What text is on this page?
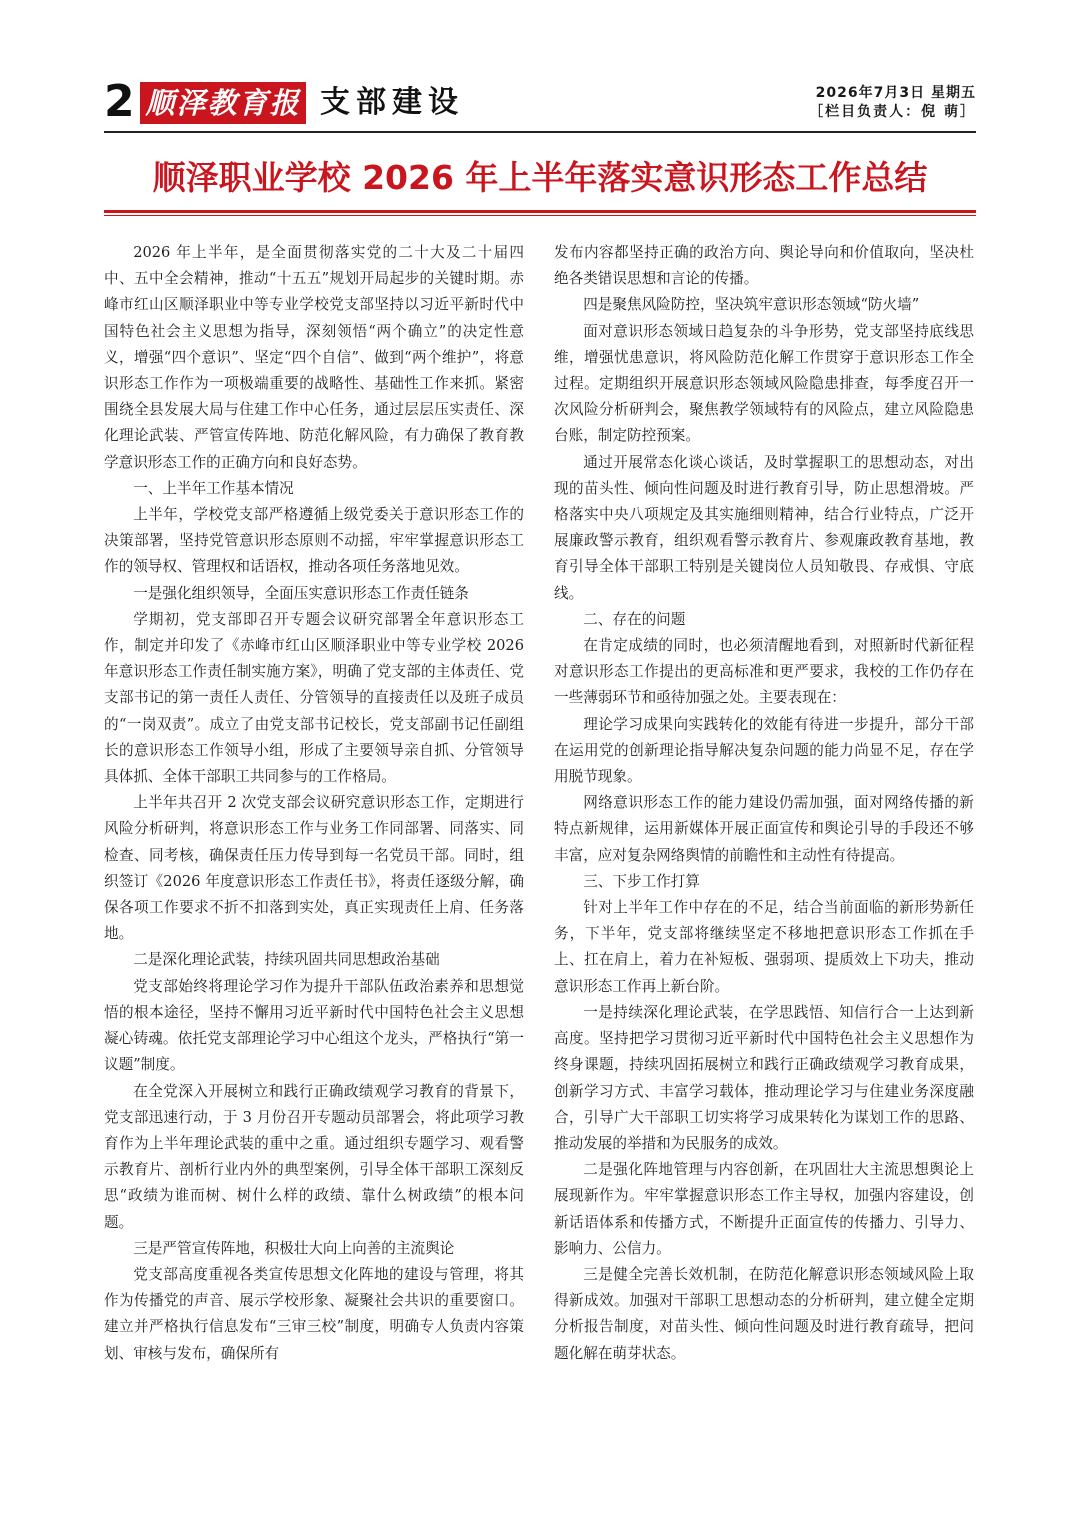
2 顺泽教育报 支部建设	2026年7月3日 星期五
［栏目负责人：倪 萌］
顺泽职业学校 2026 年上半年落实意识形态工作总结

2026 年上半年，是全面贯彻落实党的二十大及二十届四中、五中全会精神，推动“十五五”规划开局起步的关键时期。赤峰市红山区顺泽职业中等专业学校党支部坚持以习近平新时代中国特色社会主义思想为指导，深刻领悟“两个确立”的决定性意义，增强“四个意识”、坚定“四个自信”、做到“两个维护”，将意识形态工作作为一项极端重要的战略性、基础性工作来抓。紧密围绕全县发展大局与住建工作中心任务，通过层层压实责任、深化理论武装、严管宣传阵地、防范化解风险，有力确保了教育教学意识形态工作的正确方向和良好态势。

一、上半年工作基本情况

上半年，学校党支部严格遵循上级党委关于意识形态工作的决策部署，坚持党管意识形态原则不动摇，牢牢掌握意识形态工作的领导权、管理权和话语权，推动各项任务落地见效。

一是强化组织领导，全面压实意识形态工作责任链条

学期初，党支部即召开专题会议研究部署全年意识形态工作，制定并印发了《赤峰市红山区顺泽职业中等专业学校 2026 年意识形态工作责任制实施方案》，明确了党支部的主体责任、党支部书记的第一责任人责任、分管领导的直接责任以及班子成员的“一岗双责”。成立了由党支部书记校长，党支部副书记任副组长的意识形态工作领导小组，形成了主要领导亲自抓、分管领导具体抓、全体干部职工共同参与的工作格局。

上半年共召开 2 次党支部会议研究意识形态工作，定期进行风险分析研判，将意识形态工作与业务工作同部署、同落实、同检查、同考核，确保责任压力传导到每一名党员干部。同时，组织签订《2026 年度意识形态工作责任书》，将责任逐级分解，确保各项工作要求不折不扣落到实处，真正实现责任上肩、任务落地。

二是深化理论武装，持续巩固共同思想政治基础

党支部始终将理论学习作为提升干部队伍政治素养和思想觉悟的根本途径，坚持不懈用习近平新时代中国特色社会主义思想凝心铸魂。依托党支部理论学习中心组这个龙头，严格执行“第一议题”制度。

在全党深入开展树立和践行正确政绩观学习教育的背景下，党支部迅速行动，于 3 月份召开专题动员部署会，将此项学习教育作为上半年理论武装的重中之重。通过组织专题学习、观看警示教育片、剖析行业内外的典型案例，引导全体干部职工深刻反思“政绩为谁而树、树什么样的政绩、靠什么树政绩”的根本问题。

三是严管宣传阵地，积极壮大向上向善的主流舆论

党支部高度重视各类宣传思想文化阵地的建设与管理，将其作为传播党的声音、展示学校形象、凝聚社会共识的重要窗口。建立并严格执行信息发布“三审三校”制度，明确专人负责内容策划、审核与发布，确保所有

发布内容都坚持正确的政治方向、舆论导向和价值取向，坚决杜绝各类错误思想和言论的传播。

四是聚焦风险防控，坚决筑牢意识形态领域“防火墙”

面对意识形态领域日趋复杂的斗争形势，党支部坚持底线思维，增强忧患意识，将风险防范化解工作贯穿于意识形态工作全过程。定期组织开展意识形态领域风险隐患排查，每季度召开一次风险分析研判会，聚焦教学领域特有的风险点，建立风险隐患台账，制定防控预案。

通过开展常态化谈心谈话，及时掌握职工的思想动态，对出现的苗头性、倾向性问题及时进行教育引导，防止思想滑坡。严格落实中央八项规定及其实施细则精神，结合行业特点，广泛开展廉政警示教育，组织观看警示教育片、参观廉政教育基地，教育引导全体干部职工特别是关键岗位人员知敬畏、存戒惧、守底线。

二、存在的问题

在肯定成绩的同时，也必须清醒地看到，对照新时代新征程对意识形态工作提出的更高标准和更严要求，我校的工作仍存在一些薄弱环节和亟待加强之处。主要表现在：

理论学习成果向实践转化的效能有待进一步提升，部分干部在运用党的创新理论指导解决复杂问题的能力尚显不足，存在学用脱节现象。

网络意识形态工作的能力建设仍需加强，面对网络传播的新特点新规律，运用新媒体开展正面宣传和舆论引导的手段还不够丰富，应对复杂网络舆情的前瞻性和主动性有待提高。

三、下步工作打算

针对上半年工作中存在的不足，结合当前面临的新形势新任务，下半年，党支部将继续坚定不移地把意识形态工作抓在手上、扛在肩上，着力在补短板、强弱项、提质效上下功夫，推动意识形态工作再上新台阶。

一是持续深化理论武装，在学思践悟、知信行合一上达到新高度。坚持把学习贯彻习近平新时代中国特色社会主义思想作为终身课题，持续巩固拓展树立和践行正确政绩观学习教育成果，创新学习方式、丰富学习载体，推动理论学习与住建业务深度融合，引导广大干部职工切实将学习成果转化为谋划工作的思路、推动发展的举措和为民服务的成效。

二是强化阵地管理与内容创新，在巩固壮大主流思想舆论上展现新作为。牢牢掌握意识形态工作主导权，加强内容建设，创新话语体系和传播方式，不断提升正面宣传的传播力、引导力、影响力、公信力。

三是健全完善长效机制，在防范化解意识形态领域风险上取得新成效。加强对干部职工思想动态的分析研判，建立健全定期分析报告制度，对苗头性、倾向性问题及时进行教育疏导，把问题化解在萌芽状态。
